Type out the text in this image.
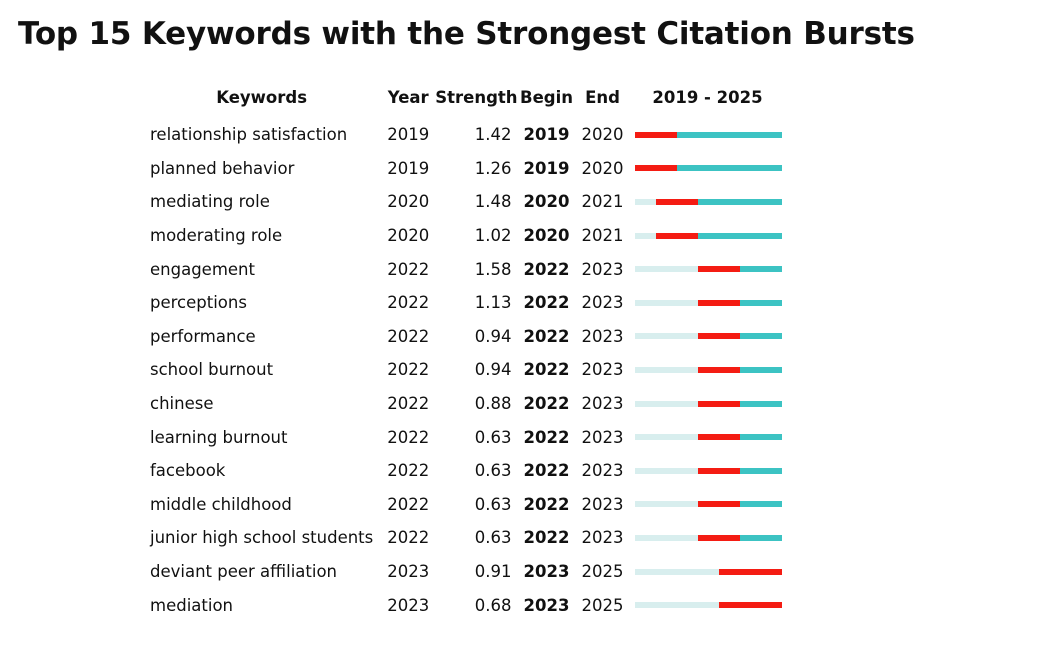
Top 15 Keywords with the Strongest Citation Bursts
Keywords	Year	Strength	Begin	End	2019 - 2025
relationship satisfaction	2019	1.42	2019	2020	

planned behavior	2019	1.26	2019	2020	

mediating role	2020	1.48	2020	2021	

moderating role	2020	1.02	2020	2021	

engagement	2022	1.58	2022	2023	

perceptions	2022	1.13	2022	2023	

performance	2022	0.94	2022	2023	

school burnout	2022	0.94	2022	2023	

chinese	2022	0.88	2022	2023	

learning burnout	2022	0.63	2022	2023	

facebook	2022	0.63	2022	2023	

middle childhood	2022	0.63	2022	2023	

junior high school students	2022	0.63	2022	2023	

deviant peer affiliation	2023	0.91	2023	2025	

mediation	2023	0.68	2023	2025	
